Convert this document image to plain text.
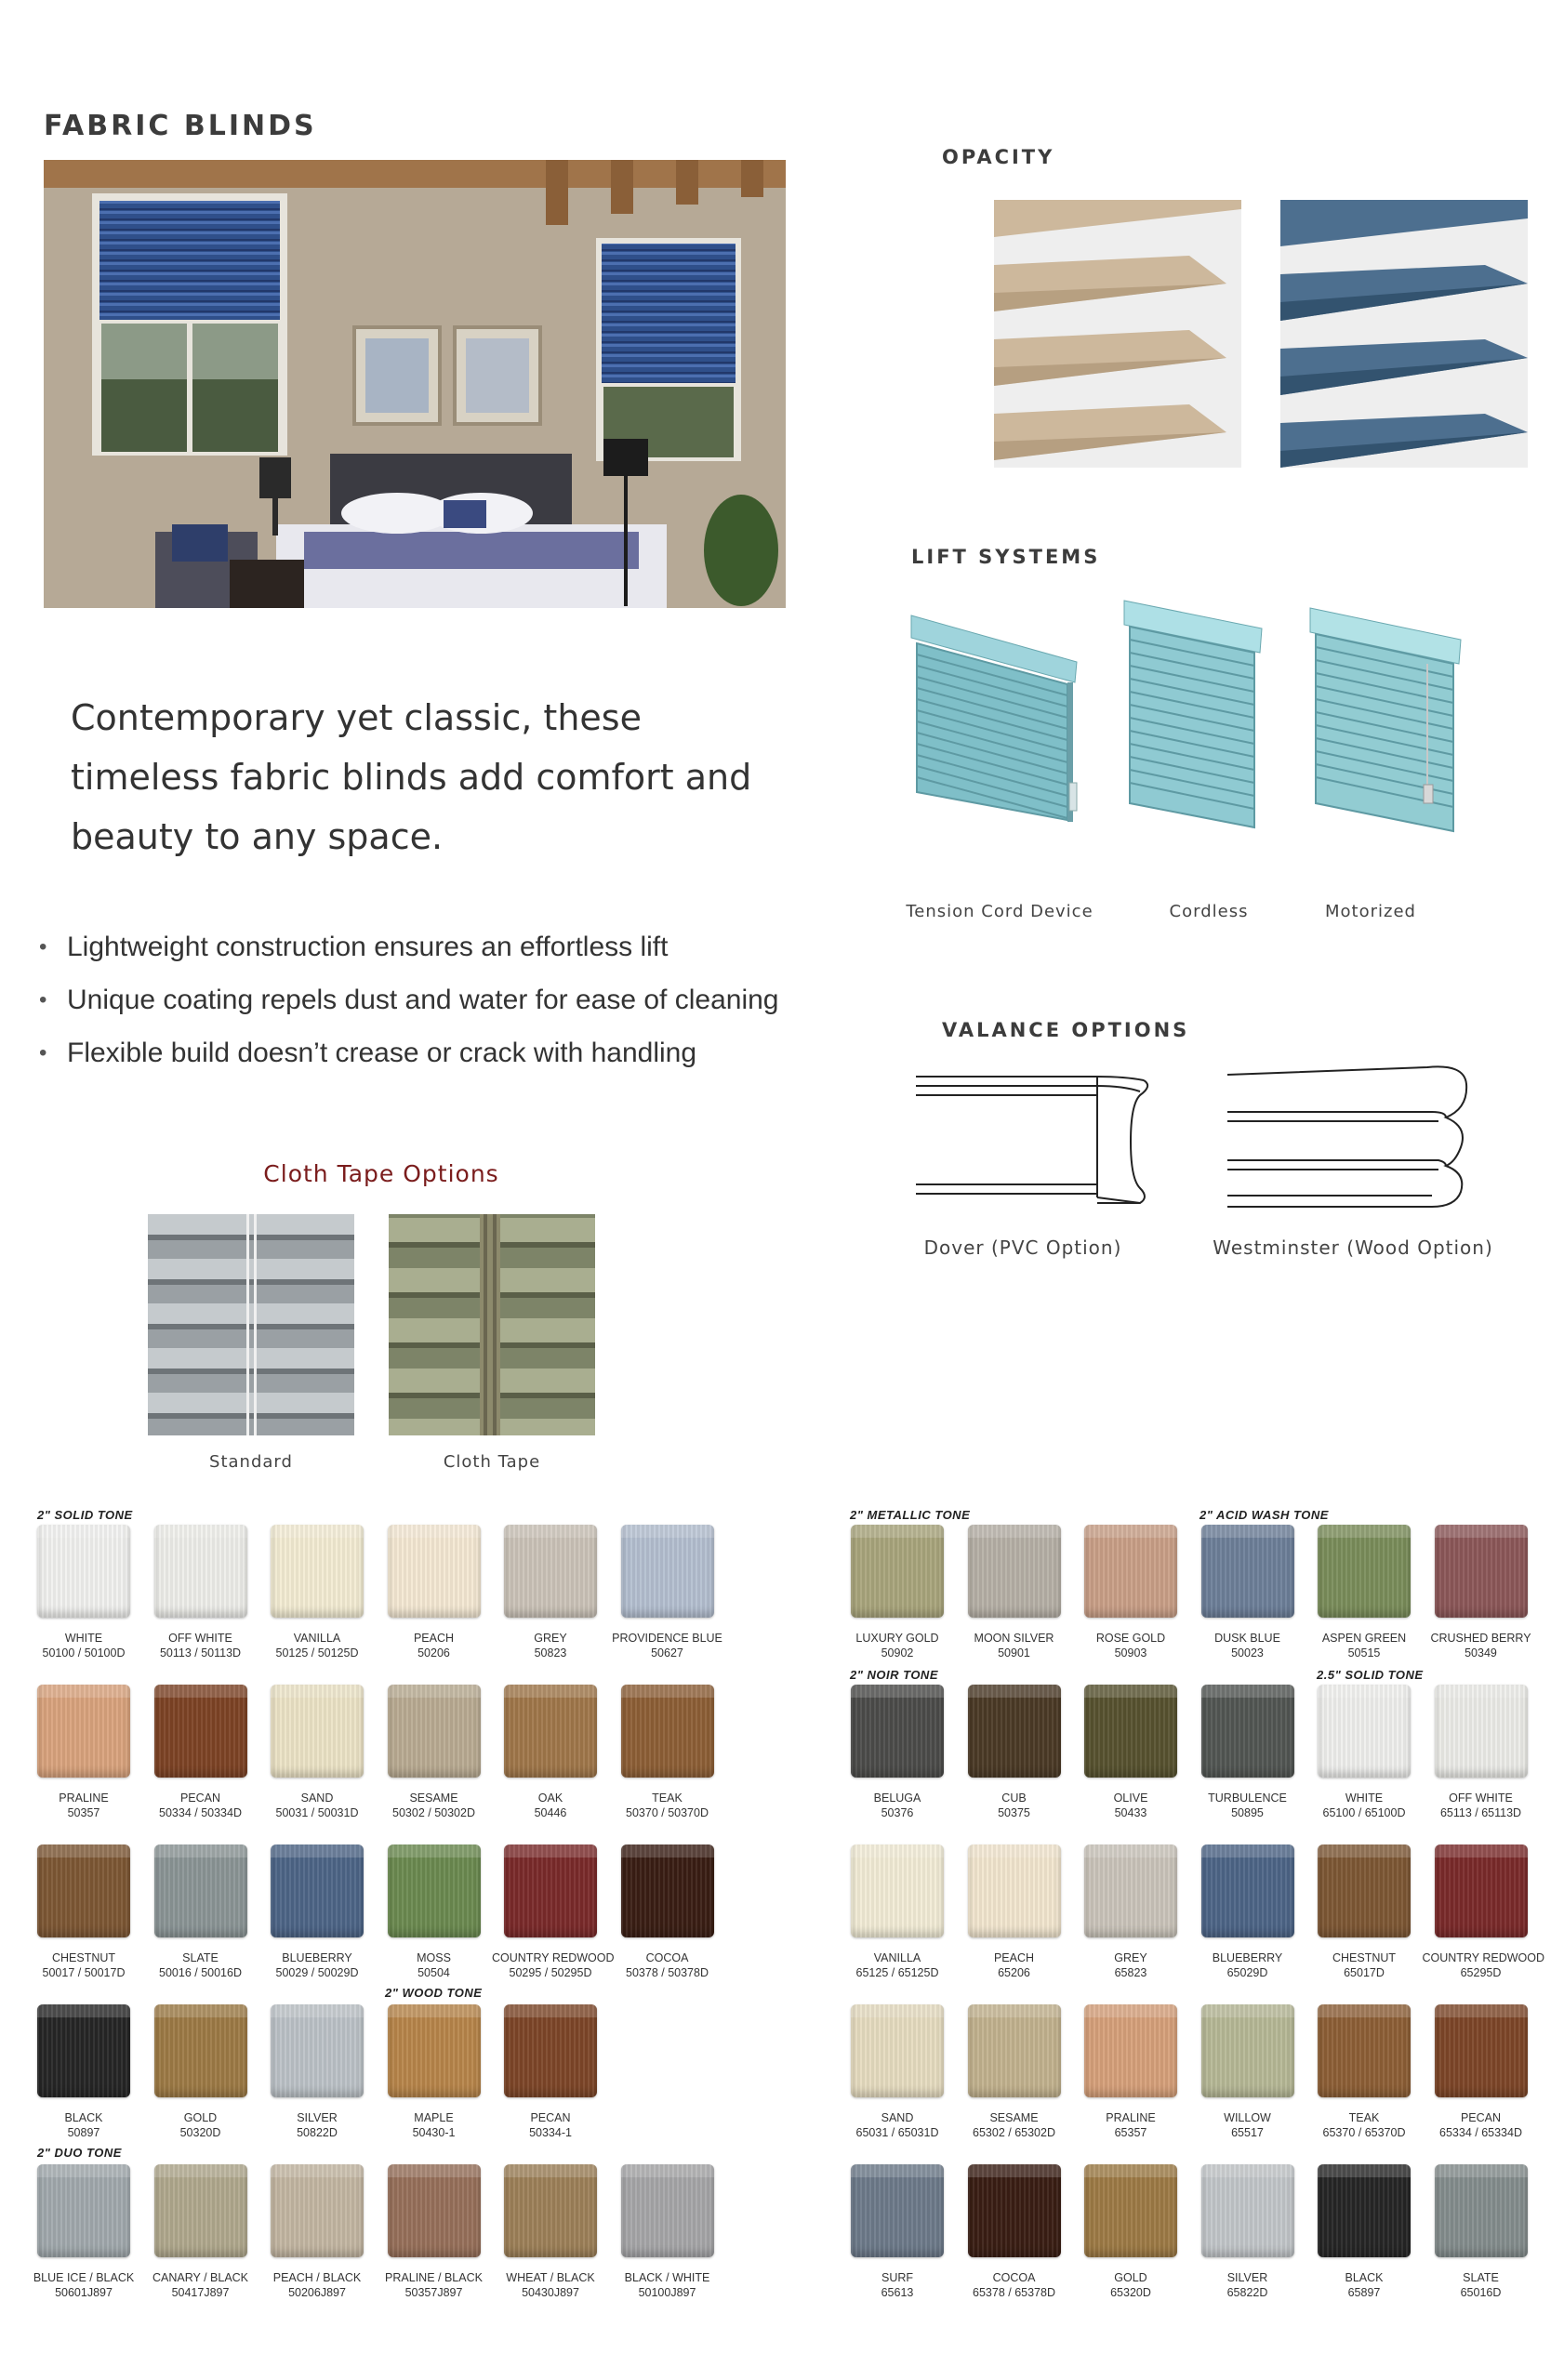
FABRIC BLINDS
Contemporary yet classic, these timeless fabric blinds add comfort and beauty to any space.
• Lightweight construction ensures an effortless lift
• Unique coating repels dust and water for ease of cleaning
• Flexible build doesn’t crease or crack with handling
Cloth Tape Options
Standard	Cloth Tape
OPACITY
LIFT SYSTEMS
Tension Cord Device	Cordless	Motorized
VALANCE OPTIONS
Dover (PVC Option)	Westminster (Wood Option)
2" SOLID TONE
2" WOOD TONE
2" DUO TONE
2" METALLIC TONE	2" ACID WASH TONE
2" NOIR TONE	2.5" SOLID TONE
WHITE
50100 / 50100D
OFF WHITE
50113 / 50113D
VANILLA
50125 / 50125D
PEACH
50206
GREY
50823
PROVIDENCE BLUE
50627
PRALINE
50357
PECAN
50334 / 50334D
SAND
50031 / 50031D
SESAME
50302 / 50302D
OAK
50446
TEAK
50370 / 50370D
CHESTNUT
50017 / 50017D
SLATE
50016 / 50016D
BLUEBERRY
50029 / 50029D
MOSS
50504
COUNTRY REDWOOD
50295 / 50295D
COCOA
50378 / 50378D
BLACK
50897
GOLD
50320D
SILVER
50822D
MAPLE
50430-1
PECAN
50334-1
BLUE ICE / BLACK
50601J897
CANARY / BLACK
50417J897
PEACH / BLACK
50206J897
PRALINE / BLACK
50357J897
WHEAT / BLACK
50430J897
BLACK / WHITE
50100J897
LUXURY GOLD
50902
MOON SILVER
50901
ROSE GOLD
50903
DUSK BLUE
50023
ASPEN GREEN
50515
CRUSHED BERRY
50349
BELUGA
50376
CUB
50375
OLIVE
50433
TURBULENCE
50895
WHITE
65100 / 65100D
OFF WHITE
65113 / 65113D
VANILLA
65125 / 65125D
PEACH
65206
GREY
65823
BLUEBERRY
65029D
CHESTNUT
65017D
COUNTRY REDWOOD
65295D
SAND
65031 / 65031D
SESAME
65302 / 65302D
PRALINE
65357
WILLOW
65517
TEAK
65370 / 65370D
PECAN
65334 / 65334D
SURF
65613
COCOA
65378 / 65378D
GOLD
65320D
SILVER
65822D
BLACK
65897
SLATE
65016D
